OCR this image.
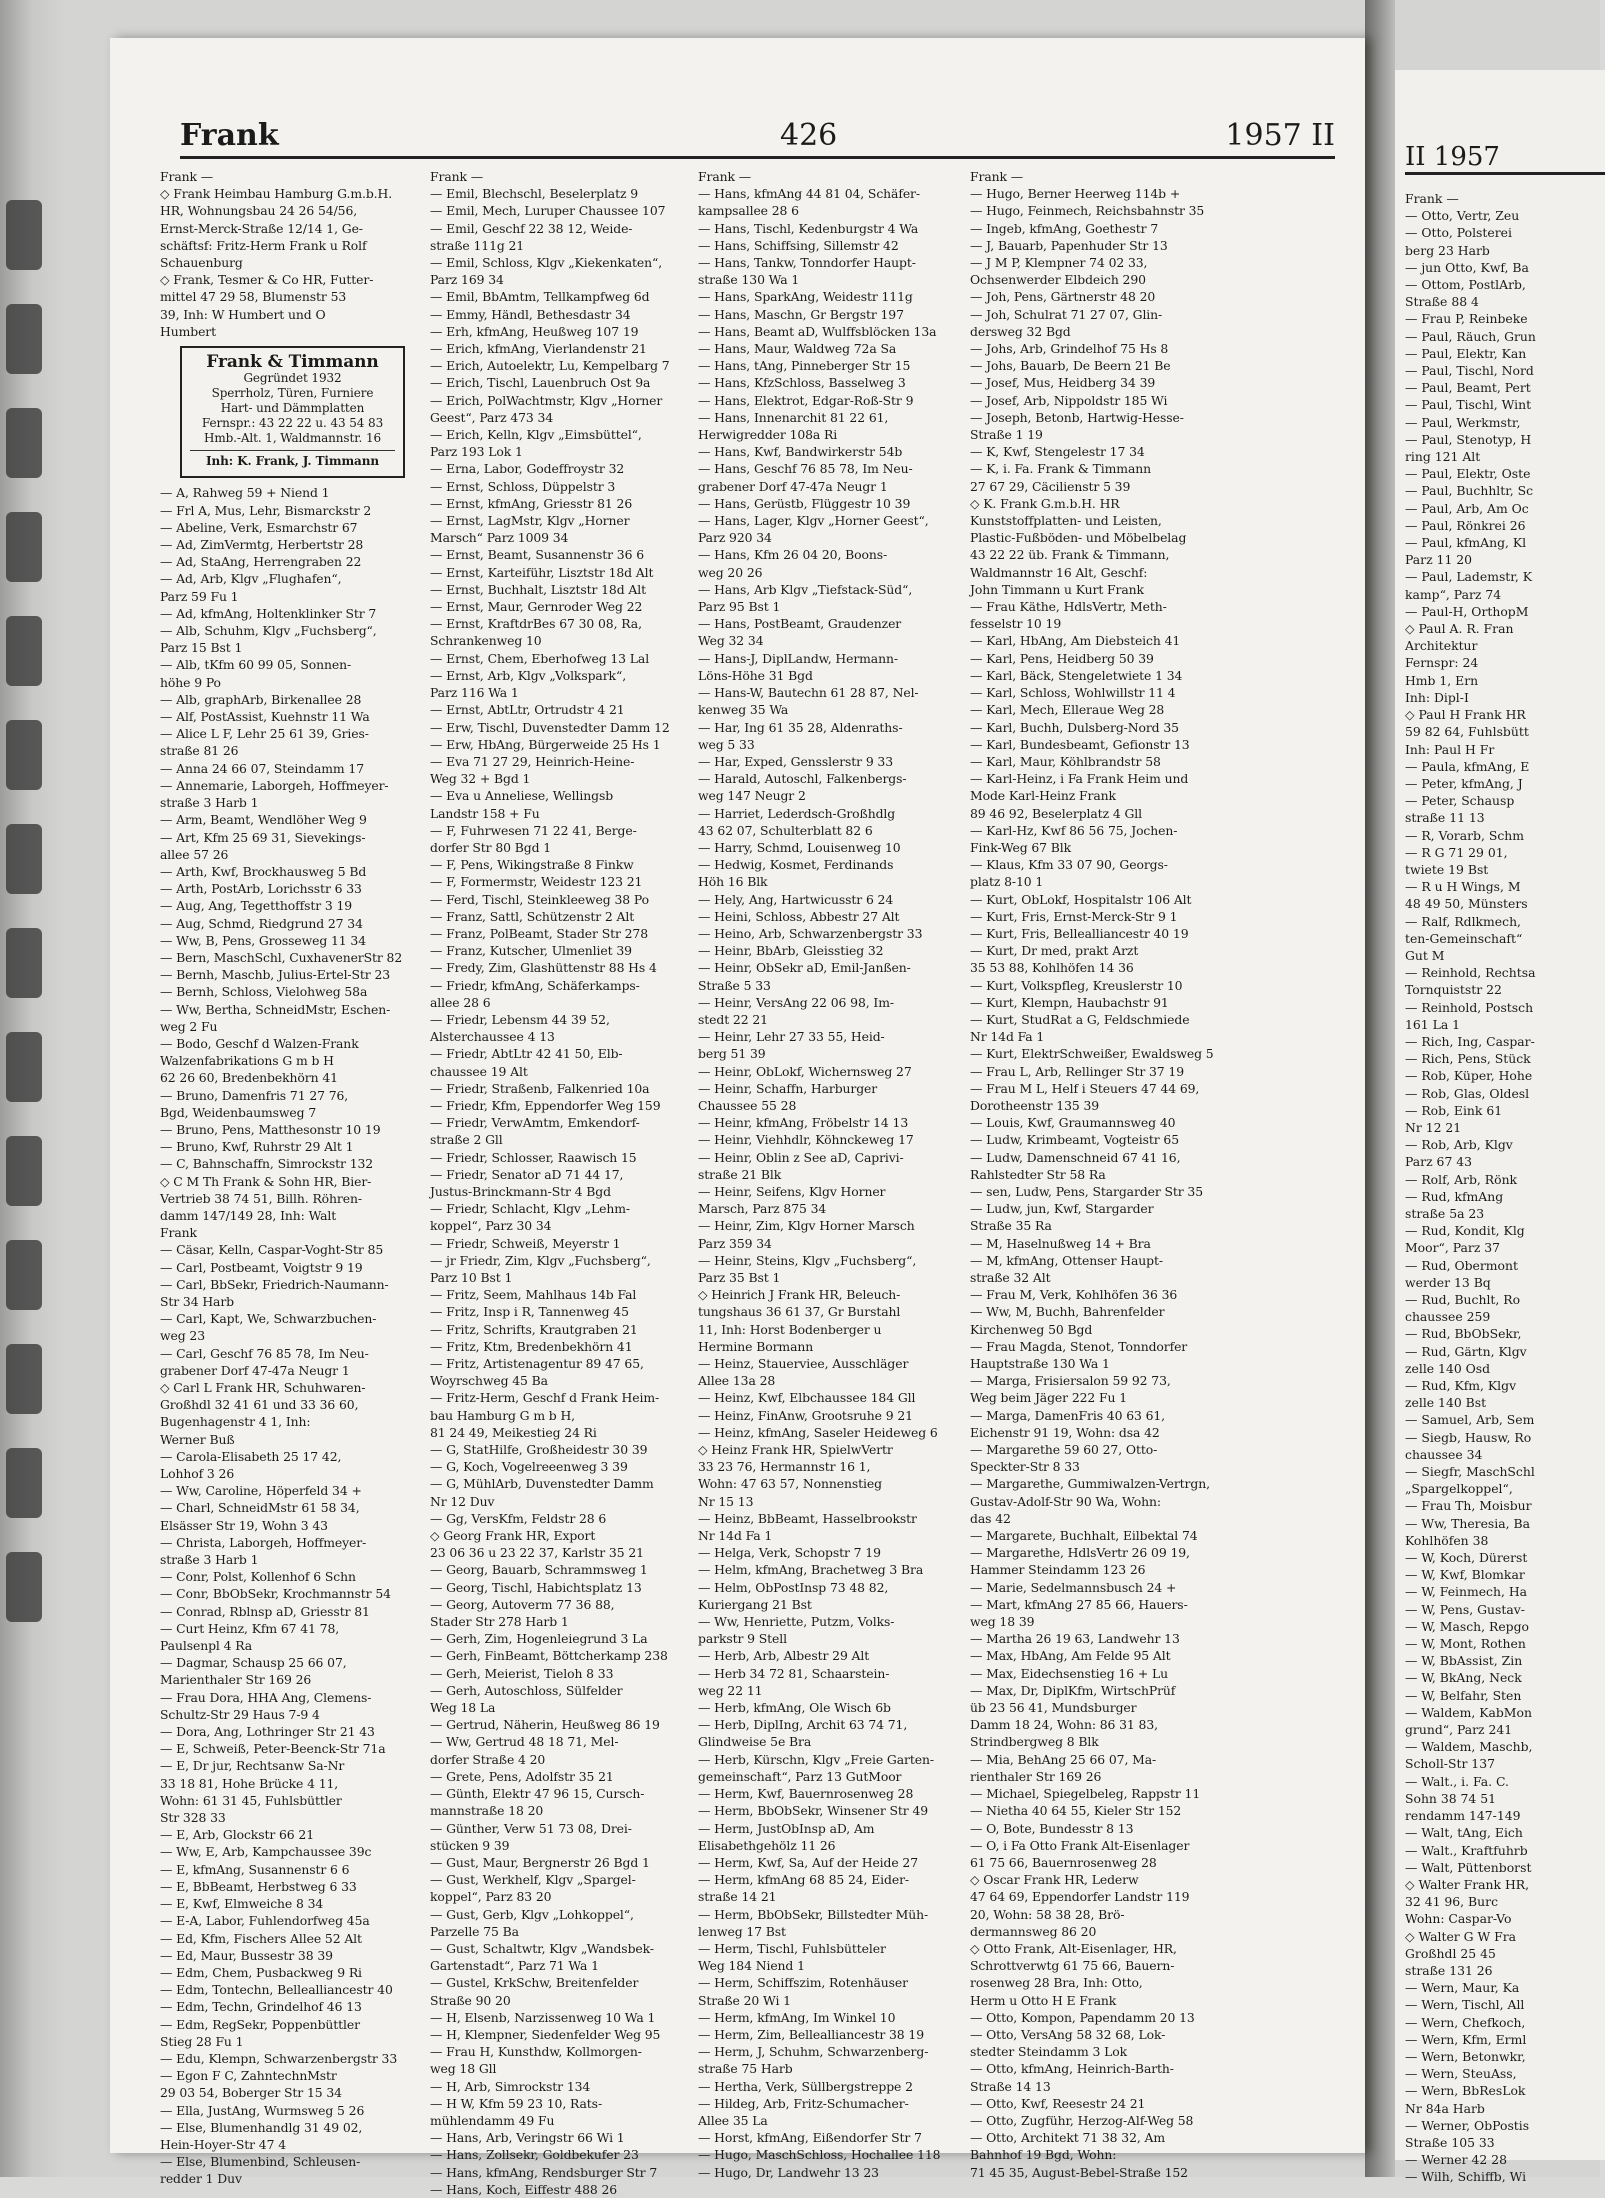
Frank	426	1957 II
Frank —
◇ Frank Heimbau Hamburg G.m.b.H.
HR, Wohnungsbau 24 26 54/56,
Ernst-Merck-Straße 12/14 1, Ge-
schäftsf: Fritz-Herm Frank u Rolf
Schauenburg
◇ Frank, Tesmer & Co HR, Futter-
mittel 47 29 58, Blumenstr 53
39, Inh: W Humbert und O
Humbert
Frank & Timmann
Gegründet 1932
Sperrholz, Türen, Furniere
Hart- und Dämmplatten
Fernspr.: 43 22 22 u. 43 54 83
Hmb.-Alt. 1, Waldmannstr. 16
Inh: K. Frank, J. Timmann
— A, Rahweg 59 + Niend 1
— Frl A, Mus, Lehr, Bismarckstr 2
— Abeline, Verk, Esmarchstr 67
— Ad, ZimVermtg, Herbertstr 28
— Ad, StaAng, Herrengraben 22
— Ad, Arb, Klgv „Flughafen“,
Parz 59 Fu 1
— Ad, kfmAng, Holtenklinker Str 7
— Alb, Schuhm, Klgv „Fuchsberg“,
Parz 15 Bst 1
— Alb, tKfm 60 99 05, Sonnen-
höhe 9 Po
— Alb, graphArb, Birkenallee 28
— Alf, PostAssist, Kuehnstr 11 Wa
— Alice L F, Lehr 25 61 39, Gries-
straße 81 26
— Anna 24 66 07, Steindamm 17
— Annemarie, Laborgeh, Hoffmeyer-
straße 3 Harb 1
— Arm, Beamt, Wendlöher Weg 9
— Art, Kfm 25 69 31, Sievekings-
allee 57 26
— Arth, Kwf, Brockhausweg 5 Bd
— Arth, PostArb, Lorichsstr 6 33
— Aug, Ang, Tegetthoffstr 3 19
— Aug, Schmd, Riedgrund 27 34
— Ww, B, Pens, Grosseweg 11 34
— Bern, MaschSchl, CuxhavenerStr 82
— Bernh, Maschb, Julius-Ertel-Str 23
— Bernh, Schloss, Vielohweg 58a
— Ww, Bertha, SchneidMstr, Eschen-
weg 2 Fu
— Bodo, Geschf d Walzen-Frank
Walzenfabrikations G m b H
62 26 60, Bredenbekhörn 41
— Bruno, Damenfris 71 27 76,
Bgd, Weidenbaumsweg 7
— Bruno, Pens, Matthesonstr 10 19
— Bruno, Kwf, Ruhrstr 29 Alt 1
— C, Bahnschaffn, Simrockstr 132
◇ C M Th Frank & Sohn HR, Bier-
Vertrieb 38 74 51, Billh. Röhren-
damm 147/149 28, Inh: Walt
Frank
— Cäsar, Kelln, Caspar-Voght-Str 85
— Carl, Postbeamt, Voigtstr 9 19
— Carl, BbSekr, Friedrich-Naumann-
Str 34 Harb
— Carl, Kapt, We, Schwarzbuchen-
weg 23
— Carl, Geschf 76 85 78, Im Neu-
grabener Dorf 47-47a Neugr 1
◇ Carl L Frank HR, Schuhwaren-
Großhdl 32 41 61 und 33 36 60,
Bugenhagenstr 4 1, Inh:
Werner Buß
— Carola-Elisabeth 25 17 42,
Lohhof 3 26
— Ww, Caroline, Höperfeld 34 +
— Charl, SchneidMstr 61 58 34,
Elsässer Str 19, Wohn 3 43
— Christa, Laborgeh, Hoffmeyer-
straße 3 Harb 1
— Conr, Polst, Kollenhof 6 Schn
— Conr, BbObSekr, Krochmannstr 54
— Conrad, Rblnsp aD, Griesstr 81
— Curt Heinz, Kfm 67 41 78,
Paulsenpl 4 Ra
— Dagmar, Schausp 25 66 07,
Marienthaler Str 169 26
— Frau Dora, HHA Ang, Clemens-
Schultz-Str 29 Haus 7-9 4
— Dora, Ang, Lothringer Str 21 43
— E, Schweiß, Peter-Beenck-Str 71a
— E, Dr jur, Rechtsanw Sa-Nr
33 18 81, Hohe Brücke 4 11,
Wohn: 61 31 45, Fuhlsbüttler
Str 328 33
— E, Arb, Glockstr 66 21
— Ww, E, Arb, Kampchaussee 39c
— E, kfmAng, Susannenstr 6 6
— E, BbBeamt, Herbstweg 6 33
— E, Kwf, Elmweiche 8 34
— E-A, Labor, Fuhlendorfweg 45a
— Ed, Kfm, Fischers Allee 52 Alt
— Ed, Maur, Bussestr 38 39
— Edm, Chem, Pusbackweg 9 Ri
— Edm, Tontechn, Bellealliancestr 40
— Edm, Techn, Grindelhof 46 13
— Edm, RegSekr, Poppenbüttler
Stieg 28 Fu 1
— Edu, Klempn, Schwarzenbergstr 33
— Egon F C, ZahntechnMstr
29 03 54, Boberger Str 15 34
— Ella, JustAng, Wurmsweg 5 26
— Else, Blumenhandlg 31 49 02,
Hein-Hoyer-Str 47 4
— Else, Blumenbind, Schleusen-
redder 1 Duv
Frank —
— Emil, Blechschl, Beselerplatz 9
— Emil, Mech, Luruper Chaussee 107
— Emil, Geschf 22 38 12, Weide-
straße 111g 21
— Emil, Schloss, Klgv „Kiekenkaten“,
Parz 169 34
— Emil, BbAmtm, Tellkampfweg 6d
— Emmy, Händl, Bethesdastr 34
— Erh, kfmAng, Heußweg 107 19
— Erich, kfmAng, Vierlandenstr 21
— Erich, Autoelektr, Lu, Kempelbarg 7
— Erich, Tischl, Lauenbruch Ost 9a
— Erich, PolWachtmstr, Klgv „Horner
Geest“, Parz 473 34
— Erich, Kelln, Klgv „Eimsbüttel“,
Parz 193 Lok 1
— Erna, Labor, Godeffroystr 32
— Ernst, Schloss, Düppelstr 3
— Ernst, kfmAng, Griesstr 81 26
— Ernst, LagMstr, Klgv „Horner
Marsch“ Parz 1009 34
— Ernst, Beamt, Susannenstr 36 6
— Ernst, Karteiführ, Lisztstr 18d Alt
— Ernst, Buchhalt, Lisztstr 18d Alt
— Ernst, Maur, Gernroder Weg 22
— Ernst, KraftdrBes 67 30 08, Ra,
Schrankenweg 10
— Ernst, Chem, Eberhofweg 13 Lal
— Ernst, Arb, Klgv „Volkspark“,
Parz 116 Wa 1
— Ernst, AbtLtr, Ortrudstr 4 21
— Erw, Tischl, Duvenstedter Damm 12
— Erw, HbAng, Bürgerweide 25 Hs 1
— Eva 71 27 29, Heinrich-Heine-
Weg 32 + Bgd 1
— Eva u Anneliese, Wellingsb
Landstr 158 + Fu
— F, Fuhrwesen 71 22 41, Berge-
dorfer Str 80 Bgd 1
— F, Pens, Wikingstraße 8 Finkw
— F, Formermstr, Weidestr 123 21
— Ferd, Tischl, Steinkleeweg 38 Po
— Franz, Sattl, Schützenstr 2 Alt
— Franz, PolBeamt, Stader Str 278
— Franz, Kutscher, Ulmenliet 39
— Fredy, Zim, Glashüttenstr 88 Hs 4
— Friedr, kfmAng, Schäferkamps-
allee 28 6
— Friedr, Lebensm 44 39 52,
Alsterchaussee 4 13
— Friedr, AbtLtr 42 41 50, Elb-
chaussee 19 Alt
— Friedr, Straßenb, Falkenried 10a
— Friedr, Kfm, Eppendorfer Weg 159
— Friedr, VerwAmtm, Emkendorf-
straße 2 Gll
— Friedr, Schlosser, Raawisch 15
— Friedr, Senator aD 71 44 17,
Justus-Brinckmann-Str 4 Bgd
— Friedr, Schlacht, Klgv „Lehm-
koppel“, Parz 30 34
— Friedr, Schweiß, Meyerstr 1
— jr Friedr, Zim, Klgv „Fuchsberg“,
Parz 10 Bst 1
— Fritz, Seem, Mahlhaus 14b Fal
— Fritz, Insp i R, Tannenweg 45
— Fritz, Schrifts, Krautgraben 21
— Fritz, Ktm, Bredenbekhörn 41
— Fritz, Artistenagentur 89 47 65,
Woyrschweg 45 Ba
— Fritz-Herm, Geschf d Frank Heim-
bau Hamburg G m b H,
81 24 49, Meikestieg 24 Ri
— G, StatHilfe, Großheidestr 30 39
— G, Koch, Vogelreeenweg 3 39
— G, MühlArb, Duvenstedter Damm
Nr 12 Duv
— Gg, VersKfm, Feldstr 28 6
◇ Georg Frank HR, Export
23 06 36 u 23 22 37, Karlstr 35 21
— Georg, Bauarb, Schrammsweg 1
— Georg, Tischl, Habichtsplatz 13
— Georg, Autoverm 77 36 88,
Stader Str 278 Harb 1
— Gerh, Zim, Hogenleiegrund 3 La
— Gerh, FinBeamt, Böttcherkamp 238
— Gerh, Meierist, Tieloh 8 33
— Gerh, Autoschloss, Sülfelder
Weg 18 La
— Gertrud, Näherin, Heußweg 86 19
— Ww, Gertrud 48 18 71, Mel-
dorfer Straße 4 20
— Grete, Pens, Adolfstr 35 21
— Günth, Elektr 47 96 15, Cursch-
mannstraße 18 20
— Günther, Verw 51 73 08, Drei-
stücken 9 39
— Gust, Maur, Bergnerstr 26 Bgd 1
— Gust, Werkhelf, Klgv „Spargel-
koppel“, Parz 83 20
— Gust, Gerb, Klgv „Lohkoppel“,
Parzelle 75 Ba
— Gust, Schaltwtr, Klgv „Wandsbek-
Gartenstadt“, Parz 71 Wa 1
— Gustel, KrkSchw, Breitenfelder
Straße 90 20
— H, Elsenb, Narzissenweg 10 Wa 1
— H, Klempner, Siedenfelder Weg 95
— Frau H, Kunsthdw, Kollmorgen-
weg 18 Gll
— H, Arb, Simrockstr 134
— H W, Kfm 59 23 10, Rats-
mühlendamm 49 Fu
— Hans, Arb, Veringstr 66 Wi 1
— Hans, Zollsekr, Goldbekufer 23
— Hans, kfmAng, Rendsburger Str 7
— Hans, Koch, Eiffestr 488 26
Frank —
— Hans, kfmAng 44 81 04, Schäfer-
kampsallee 28 6
— Hans, Tischl, Kedenburgstr 4 Wa
— Hans, Schiffsing, Sillemstr 42
— Hans, Tankw, Tonndorfer Haupt-
straße 130 Wa 1
— Hans, SparkAng, Weidestr 111g
— Hans, Maschn, Gr Bergstr 197
— Hans, Beamt aD, Wulffsblöcken 13a
— Hans, Maur, Waldweg 72a Sa
— Hans, tAng, Pinneberger Str 15
— Hans, KfzSchloss, Basselweg 3
— Hans, Elektrot, Edgar-Roß-Str 9
— Hans, Innenarchit 81 22 61,
Herwigredder 108a Ri
— Hans, Kwf, Bandwirkerstr 54b
— Hans, Geschf 76 85 78, Im Neu-
grabener Dorf 47-47a Neugr 1
— Hans, Gerüstb, Flüggestr 10 39
— Hans, Lager, Klgv „Horner Geest“,
Parz 920 34
— Hans, Kfm 26 04 20, Boons-
weg 20 26
— Hans, Arb Klgv „Tiefstack-Süd“,
Parz 95 Bst 1
— Hans, PostBeamt, Graudenzer
Weg 32 34
— Hans-J, DiplLandw, Hermann-
Löns-Höhe 31 Bgd
— Hans-W, Bautechn 61 28 87, Nel-
kenweg 35 Wa
— Har, Ing 61 35 28, Aldenraths-
weg 5 33
— Har, Exped, Gensslerstr 9 33
— Harald, Autoschl, Falkenbergs-
weg 147 Neugr 2
— Harriet, Lederdsch-Großhdlg
43 62 07, Schulterblatt 82 6
— Harry, Schmd, Louisenweg 10
— Hedwig, Kosmet, Ferdinands
Höh 16 Blk
— Hely, Ang, Hartwicusstr 6 24
— Heini, Schloss, Abbestr 27 Alt
— Heino, Arb, Schwarzenbergstr 33
— Heinr, BbArb, Gleisstieg 32
— Heinr, ObSekr aD, Emil-Janßen-
Straße 5 33
— Heinr, VersAng 22 06 98, Im-
stedt 22 21
— Heinr, Lehr 27 33 55, Heid-
berg 51 39
— Heinr, ObLokf, Wichernsweg 27
— Heinr, Schaffn, Harburger
Chaussee 55 28
— Heinr, kfmAng, Fröbelstr 14 13
— Heinr, Viehhdlr, Köhnckeweg 17
— Heinr, Oblin z See aD, Caprivi-
straße 21 Blk
— Heinr, Seifens, Klgv Horner
Marsch, Parz 875 34
— Heinr, Zim, Klgv Horner Marsch
Parz 359 34
— Heinr, Steins, Klgv „Fuchsberg“,
Parz 35 Bst 1
◇ Heinrich J Frank HR, Beleuch-
tungshaus 36 61 37, Gr Burstahl
11, Inh: Horst Bodenberger u
Hermine Bormann
— Heinz, Stauerviee, Ausschläger
Allee 13a 28
— Heinz, Kwf, Elbchaussee 184 Gll
— Heinz, FinAnw, Grootsruhe 9 21
— Heinz, kfmAng, Saseler Heideweg 6
◇ Heinz Frank HR, SpielwVertr
33 23 76, Hermannstr 16 1,
Wohn: 47 63 57, Nonnenstieg
Nr 15 13
— Heinz, BbBeamt, Hasselbrookstr
Nr 14d Fa 1
— Helga, Verk, Schopstr 7 19
— Helm, kfmAng, Brachetweg 3 Bra
— Helm, ObPostInsp 73 48 82,
Kuriergang 21 Bst
— Ww, Henriette, Putzm, Volks-
parkstr 9 Stell
— Herb, Arb, Albestr 29 Alt
— Herb 34 72 81, Schaarstein-
weg 22 11
— Herb, kfmAng, Ole Wisch 6b
— Herb, DiplIng, Archit 63 74 71,
Glindweise 5e Bra
— Herb, Kürschn, Klgv „Freie Garten-
gemeinschaft“, Parz 13 GutMoor
— Herm, Kwf, Bauernrosenweg 28
— Herm, BbObSekr, Winsener Str 49
— Herm, JustObInsp aD, Am
Elisabethgehölz 11 26
— Herm, Kwf, Sa, Auf der Heide 27
— Herm, kfmAng 68 85 24, Eider-
straße 14 21
— Herm, BbObSekr, Billstedter Müh-
lenweg 17 Bst
— Herm, Tischl, Fuhlsbütteler
Weg 184 Niend 1
— Herm, Schiffszim, Rotenhäuser
Straße 20 Wi 1
— Herm, kfmAng, Im Winkel 10
— Herm, Zim, Bellealliancestr 38 19
— Herm, J, Schuhm, Schwarzenberg-
straße 75 Harb
— Hertha, Verk, Süllbergstreppe 2
— Hildeg, Arb, Fritz-Schumacher-
Allee 35 La
— Horst, kfmAng, Eißendorfer Str 7
— Hugo, MaschSchloss, Hochallee 118
— Hugo, Dr, Landwehr 13 23
Frank —
— Hugo, Berner Heerweg 114b +
— Hugo, Feinmech, Reichsbahnstr 35
— Ingeb, kfmAng, Goethestr 7
— J, Bauarb, Papenhuder Str 13
— J M P, Klempner 74 02 33,
Ochsenwerder Elbdeich 290
— Joh, Pens, Gärtnerstr 48 20
— Joh, Schulrat 71 27 07, Glin-
dersweg 32 Bgd
— Johs, Arb, Grindelhof 75 Hs 8
— Johs, Bauarb, De Beern 21 Be
— Josef, Mus, Heidberg 34 39
— Josef, Arb, Nippoldstr 185 Wi
— Joseph, Betonb, Hartwig-Hesse-
Straße 1 19
— K, Kwf, Stengelestr 17 34
— K, i. Fa. Frank & Timmann
27 67 29, Cäcilienstr 5 39
◇ K. Frank G.m.b.H. HR
Kunststoffplatten- und Leisten,
Plastic-Fußböden- und Möbelbelag
43 22 22 üb. Frank & Timmann,
Waldmannstr 16 Alt, Geschf:
John Timmann u Kurt Frank
— Frau Käthe, HdlsVertr, Meth-
fesselstr 10 19
— Karl, HbAng, Am Diebsteich 41
— Karl, Pens, Heidberg 50 39
— Karl, Bäck, Stengeletwiete 1 34
— Karl, Schloss, Wohlwillstr 11 4
— Karl, Mech, Elleraue Weg 28
— Karl, Buchh, Dulsberg-Nord 35
— Karl, Bundesbeamt, Gefionstr 13
— Karl, Maur, Köhlbrandstr 58
— Karl-Heinz, i Fa Frank Heim und
Mode Karl-Heinz Frank
89 46 92, Beselerplatz 4 Gll
— Karl-Hz, Kwf 86 56 75, Jochen-
Fink-Weg 67 Blk
— Klaus, Kfm 33 07 90, Georgs-
platz 8-10 1
— Kurt, ObLokf, Hospitalstr 106 Alt
— Kurt, Fris, Ernst-Merck-Str 9 1
— Kurt, Fris, Bellealliancestr 40 19
— Kurt, Dr med, prakt Arzt
35 53 88, Kohlhöfen 14 36
— Kurt, Volkspfleg, Kreuslerstr 10
— Kurt, Klempn, Haubachstr 91
— Kurt, StudRat a G, Feldschmiede
Nr 14d Fa 1
— Kurt, ElektrSchweißer, Ewaldsweg 5
— Frau L, Arb, Rellinger Str 37 19
— Frau M L, Helf i Steuers 47 44 69,
Dorotheenstr 135 39
— Louis, Kwf, Graumannsweg 40
— Ludw, Krimbeamt, Vogteistr 65
— Ludw, Damenschneid 67 41 16,
Rahlstedter Str 58 Ra
— sen, Ludw, Pens, Stargarder Str 35
— Ludw, jun, Kwf, Stargarder
Straße 35 Ra
— M, Haselnußweg 14 + Bra
— M, kfmAng, Ottenser Haupt-
straße 32 Alt
— Frau M, Verk, Kohlhöfen 36 36
— Ww, M, Buchh, Bahrenfelder
Kirchenweg 50 Bgd
— Frau Magda, Stenot, Tonndorfer
Hauptstraße 130 Wa 1
— Marga, Frisiersalon 59 92 73,
Weg beim Jäger 222 Fu 1
— Marga, DamenFris 40 63 61,
Eichenstr 91 19, Wohn: dsa 42
— Margarethe 59 60 27, Otto-
Speckter-Str 8 33
— Margarethe, Gummiwalzen-Vertrgn,
Gustav-Adolf-Str 90 Wa, Wohn:
das 42
— Margarete, Buchhalt, Eilbektal 74
— Margarethe, HdlsVertr 26 09 19,
Hammer Steindamm 123 26
— Marie, Sedelmannsbusch 24 +
— Mart, kfmAng 27 85 66, Hauers-
weg 18 39
— Martha 26 19 63, Landwehr 13
— Max, HbAng, Am Felde 95 Alt
— Max, Eidechsenstieg 16 + Lu
— Max, Dr, DiplKfm, WirtschPrüf
üb 23 56 41, Mundsburger
Damm 18 24, Wohn: 86 31 83,
Strindbergweg 8 Blk
— Mia, BehAng 25 66 07, Ma-
rienthaler Str 169 26
— Michael, Spiegelbeleg, Rappstr 11
— Nietha 40 64 55, Kieler Str 152
— O, Bote, Bundesstr 8 13
— O, i Fa Otto Frank Alt-Eisenlager
61 75 66, Bauernrosenweg 28
◇ Oscar Frank HR, Lederw
47 64 69, Eppendorfer Landstr 119
20, Wohn: 58 38 28, Brö-
dermannsweg 86 20
◇ Otto Frank, Alt-Eisenlager, HR,
Schrottverwtg 61 75 66, Bauern-
rosenweg 28 Bra, Inh: Otto,
Herm u Otto H E Frank
— Otto, Kompon, Papendamm 20 13
— Otto, VersAng 58 32 68, Lok-
stedter Steindamm 3 Lok
— Otto, kfmAng, Heinrich-Barth-
Straße 14 13
— Otto, Kwf, Reesestr 24 21
— Otto, Zugführ, Herzog-Alf-Weg 58
— Otto, Architekt 71 38 32, Am
Bahnhof 19 Bgd, Wohn:
71 45 35, August-Bebel-Straße 152
II 1957
Frank —
— Otto, Vertr, Zeu
— Otto, Polsterei
berg 23 Harb
— jun Otto, Kwf, Ba
— Ottom, PostlArb,
Straße 88 4
— Frau P, Reinbeke
— Paul, Räuch, Grun
— Paul, Elektr, Kan
— Paul, Tischl, Nord
— Paul, Beamt, Pert
— Paul, Tischl, Wint
— Paul, Werkmstr,
— Paul, Stenotyp, H
ring 121 Alt
— Paul, Elektr, Oste
— Paul, Buchhltr, Sc
— Paul, Arb, Am Oc
— Paul, Rönkrei 26
— Paul, kfmAng, Kl
Parz 11 20
— Paul, Lademstr, K
kamp“, Parz 74
— Paul-H, OrthopM
◇ Paul A. R. Fran
Architektur
Fernspr: 24
Hmb 1, Ern
Inh: Dipl-I
◇ Paul H Frank HR
59 82 64, Fuhlsbütt
Inh: Paul H Fr
— Paula, kfmAng, E
— Peter, kfmAng, J
— Peter, Schausp
straße 11 13
— R, Vorarb, Schm
— R G 71 29 01,
twiete 19 Bst
— R u H Wings, M
48 49 50, Münsters
— Ralf, Rdlkmech,
ten-Gemeinschaft“
Gut M
— Reinhold, Rechtsa
Tornquiststr 22
— Reinhold, Postsch
161 La 1
— Rich, Ing, Caspar-
— Rich, Pens, Stück
— Rob, Küper, Hohe
— Rob, Glas, Oldesl
— Rob, Eink 61
Nr 12 21
— Rob, Arb, Klgv
Parz 67 43
— Rolf, Arb, Rönk
— Rud, kfmAng
straße 5a 23
— Rud, Kondit, Klg
Moor“, Parz 37
— Rud, Obermont
werder 13 Bq
— Rud, Buchlt, Ro
chaussee 259
— Rud, BbObSekr,
— Rud, Gärtn, Klgv
zelle 140 Osd
— Rud, Kfm, Klgv
zelle 140 Bst
— Samuel, Arb, Sem
— Siegb, Hausw, Ro
chaussee 34
— Siegfr, MaschSchl
„Spargelkoppel“,
— Frau Th, Moisbur
— Ww, Theresia, Ba
Kohlhöfen 38
— W, Koch, Dürerst
— W, Kwf, Blomkar
— W, Feinmech, Ha
— W, Pens, Gustav-
— W, Masch, Repgo
— W, Mont, Rothen
— W, BbAssist, Zin
— W, BkAng, Neck
— W, Belfahr, Sten
— Waldem, KabMon
grund“, Parz 241
— Waldem, Maschb,
Scholl-Str 137
— Walt., i. Fa. C.
Sohn 38 74 51
rendamm 147-149
— Walt, tAng, Eich
— Walt., Kraftfuhrb
— Walt, Püttenborst
◇ Walter Frank HR,
32 41 96, Burc
Wohn: Caspar-Vo
◇ Walter G W Fra
Großhdl 25 45
straße 131 26
— Wern, Maur, Ka
— Wern, Tischl, All
— Wern, Chefkoch,
— Wern, Kfm, Erml
— Wern, Betonwkr,
— Wern, SteuAss,
— Wern, BbResLok
Nr 84a Harb
— Werner, ObPostis
Straße 105 33
— Werner 42 28
— Wilh, Schiffb, Wi
